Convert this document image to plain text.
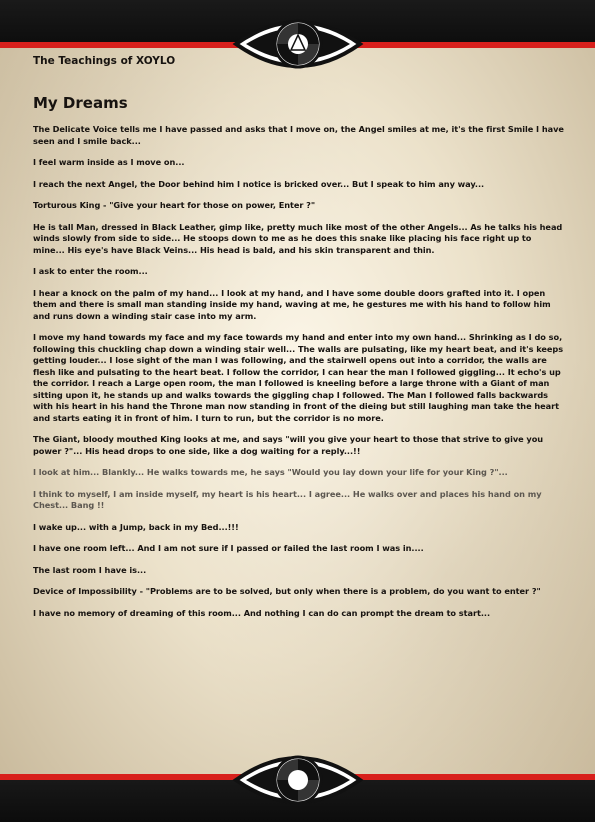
The Teachings of XOYLO
My Dreams

The Delicate Voice tells me I have passed and asks that I move on, the Angel smiles at me, it's the first Smile I have seen and I smile back...

I feel warm inside as I move on...

I reach the next Angel, the Door behind him I notice is bricked over... But I speak to him any way...

Torturous King - "Give your heart for those on power, Enter ?"

He is tall Man, dressed in Black Leather, gimp like, pretty much like most of the other Angels... As he talks his head winds slowly from side to side... He stoops down to me as he does this snake like placing his face right up to mine... His eye's have Black Veins... His head is bald, and his skin transparent and thin.

I ask to enter the room...

I hear a knock on the palm of my hand... I look at my hand, and I have some double doors grafted into it. I open them and there is small man standing inside my hand, waving at me, he gestures me with his hand to follow him and runs down a winding stair case into my arm.

I move my hand towards my face and my face towards my hand and enter into my own hand... Shrinking as I do so, following this chuckling chap down a winding stair well... The walls are pulsating, like my heart beat, and it's keeps getting louder... I lose sight of the man I was following, and the stairwell opens out into a corridor, the walls are flesh like and pulsating to the heart beat. I follow the corridor, I can hear the man I followed giggling... It echo's up the corridor. I reach a Large open room, the man I followed is kneeling before a large throne with a Giant of man sitting upon it, he stands up and walks towards the giggling chap I followed. The Man I followed falls backwards with his heart in his hand the Throne man now standing in front of the dieing but still laughing man take the heart and starts eating it in front of him. I turn to run, but the corridor is no more.

The Giant, bloody mouthed King looks at me, and says "will you give your heart to those that strive to give you power ?"... His head drops to one side, like a dog waiting for a reply...!!

I look at him... Blankly... He walks towards me, he says "Would you lay down your life for your King ?"...

I think to myself, I am inside myself, my heart is his heart... I agree... He walks over and places his hand on my Chest... Bang !!

I wake up... with a Jump, back in my Bed...!!!

I have one room left... And I am not sure if I passed or failed the last room I was in....

The last room I have is...

Device of Impossibility - "Problems are to be solved, but only when there is a problem, do you want to enter ?"

I have no memory of dreaming of this room... And nothing I can do can prompt the dream to start...
